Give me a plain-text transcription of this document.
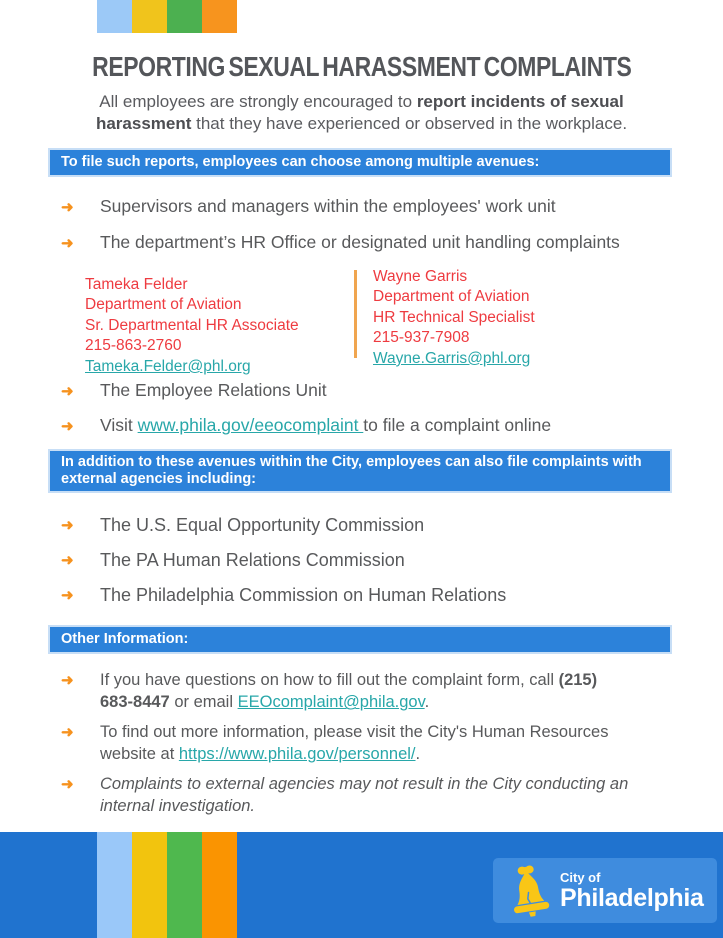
REPORTING SEXUAL HARASSMENT COMPLAINTS

All employees are strongly encouraged to report incidents of sexual harassment that they have experienced or observed in the workplace.

To file such reports, employees can choose among multiple avenues:
➜ Supervisors and managers within the employees' work unit
➜ The department’s HR Office or designated unit handling complaints
Tameka Felder
Department of Aviation
Sr. Departmental HR Associate
215-863-2760
Tameka.Felder@phl.org
Wayne Garris
Department of Aviation
HR Technical Specialist
215-937-7908
Wayne.Garris@phl.org
➜ The Employee Relations Unit
➜ Visit www.phila.gov/eeocomplaint to file a complaint online
In addition to these avenues within the City, employees can also file complaints with external agencies including:
➜ The U.S. Equal Opportunity Commission
➜ The PA Human Relations Commission
➜ The Philadelphia Commission on Human Relations
Other Information:
➜ If you have questions on how to fill out the complaint form, call (215) 683-8447 or email EEOcomplaint@phila.gov.
➜ To find out more information, please visit the City's Human Resources website at https://www.phila.gov/personnel/.
➜ Complaints to external agencies may not result in the City conducting an internal investigation.
City of
Philadelphia
